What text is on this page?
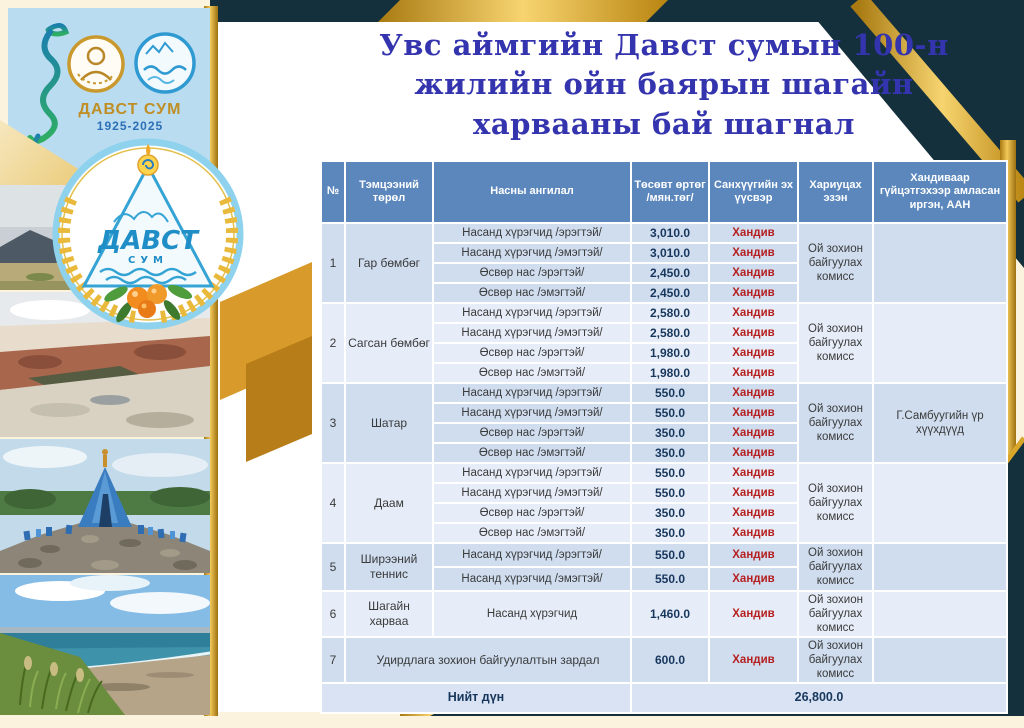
ДАВСТ СУМ
1925-2025
ДАВСТ
СУМ
Увс аймгийн Давст сумын 100-н
жилийн ойн баярын шагайн
харвааны бай шагнал
№	Тэмцээний төрөл	Насны ангилал	Төсөвт өртөг /мян.төг/	Санхүүгийн эх үүсвэр	Хариуцах эзэн	Хандиваар гүйцэтгэхээр амласан иргэн, ААН
1	Гар бөмбөг	Насанд хүрэгчид /эрэгтэй/	3,010.0	Хандив	Ой зохион байгуулах комисс	
		Насанд хүрэгчид /эмэгтэй/	3,010.0	Хандив		
		Өсвөр нас /эрэгтэй/	2,450.0	Хандив		
		Өсвөр нас /эмэгтэй/	2,450.0	Хандив		
2	Сагсан бөмбөг	Насанд хүрэгчид /эрэгтэй/	2,580.0	Хандив	Ой зохион байгуулах комисс	
		Насанд хүрэгчид /эмэгтэй/	2,580.0	Хандив		
		Өсвөр нас /эрэгтэй/	1,980.0	Хандив		
		Өсвөр нас /эмэгтэй/	1,980.0	Хандив		
3	Шатар	Насанд хүрэгчид /эрэгтэй/	550.0	Хандив	Ой зохион байгуулах комисс	Г.Самбуугийн үр хүүхдүүд
		Насанд хүрэгчид /эмэгтэй/	550.0	Хандив		
		Өсвөр нас /эрэгтэй/	350.0	Хандив		
		Өсвөр нас /эмэгтэй/	350.0	Хандив		
4	Даам	Насанд хүрэгчид /эрэгтэй/	550.0	Хандив	Ой зохион байгуулах комисс	
		Насанд хүрэгчид /эмэгтэй/	550.0	Хандив		
		Өсвөр нас /эрэгтэй/	350.0	Хандив		
		Өсвөр нас /эмэгтэй/	350.0	Хандив		
5	Ширээний теннис	Насанд хүрэгчид /эрэгтэй/	550.0	Хандив	Ой зохион байгуулах комисс	
		Насанд хүрэгчид /эмэгтэй/	550.0	Хандив		
6	Шагайн харваа	Насанд хүрэгчид	1,460.0	Хандив	Ой зохион байгуулах комисс	
7	Удирдлага зохион байгуулалтын зардал		600.0	Хандив	Ой зохион байгуулах комисс	
Нийт дүн			26,800.0			
